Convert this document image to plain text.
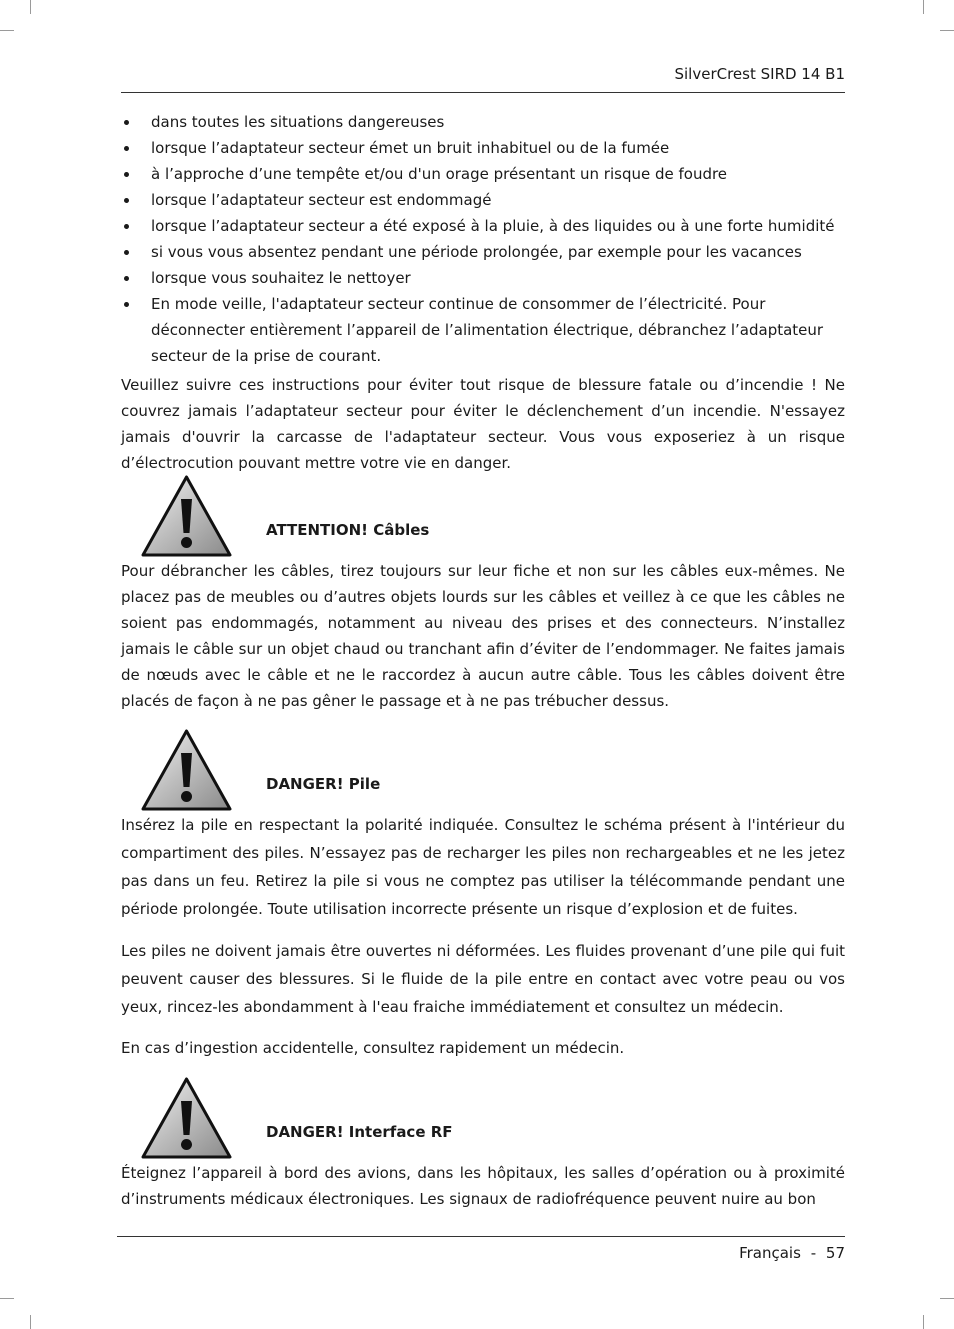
SilverCrest SIRD 14 B1
dans toutes les situations dangereuses
lorsque l’adaptateur secteur émet un bruit inhabituel ou de la fumée
à l’approche d’une tempête et/ou d'un orage présentant un risque de foudre
lorsque l’adaptateur secteur est endommagé
lorsque l’adaptateur secteur a été exposé à la pluie, à des liquides ou à une forte humidité
si vous vous absentez pendant une période prolongée, par exemple pour les vacances
lorsque vous souhaitez le nettoyer
En mode veille, l'adaptateur secteur continue de consommer de l’électricité. Pour déconnecter entièrement l’appareil de l’alimentation électrique, débranchez l’adaptateur secteur de la prise de courant.

Veuillez suivre ces instructions pour éviter tout risque de blessure fatale ou d’incendie ! Ne couvrez jamais l’adaptateur secteur pour éviter le déclenchement d’un incendie. N'essayez jamais d'ouvrir la carcasse de l'adaptateur secteur. Vous vous exposeriez à un risque d’électrocution pouvant mettre votre vie en danger.

ATTENTION! Câbles

Pour débrancher les câbles, tirez toujours sur leur fiche et non sur les câbles eux-mêmes. Ne placez pas de meubles ou d’autres objets lourds sur les câbles et veillez à ce que les câbles ne soient pas endommagés, notamment au niveau des prises et des connecteurs. N’installez jamais le câble sur un objet chaud ou tranchant afin d’éviter de l’endommager. Ne faites jamais de nœuds avec le câble et ne le raccordez à aucun autre câble. Tous les câbles doivent être placés de façon à ne pas gêner le passage et à ne pas trébucher dessus.

DANGER! Pile

Insérez la pile en respectant la polarité indiquée. Consultez le schéma présent à l'intérieur du compartiment des piles. N’essayez pas de recharger les piles non rechargeables et ne les jetez pas dans un feu. Retirez la pile si vous ne comptez pas utiliser la télécommande pendant une période prolongée. Toute utilisation incorrecte présente un risque d’explosion et de fuites.

Les piles ne doivent jamais être ouvertes ni déformées. Les fluides provenant d’une pile qui fuit peuvent causer des blessures. Si le fluide de la pile entre en contact avec votre peau ou vos yeux, rincez-les abondamment à l'eau fraiche immédiatement et consultez un médecin.

En cas d’ingestion accidentelle, consultez rapidement un médecin.

DANGER! Interface RF

Éteignez l’appareil à bord des avions, dans les hôpitaux, les salles d’opération ou à proximité d’instruments médicaux électroniques. Les signaux de radiofréquence peuvent nuire au bon

Français - 57
